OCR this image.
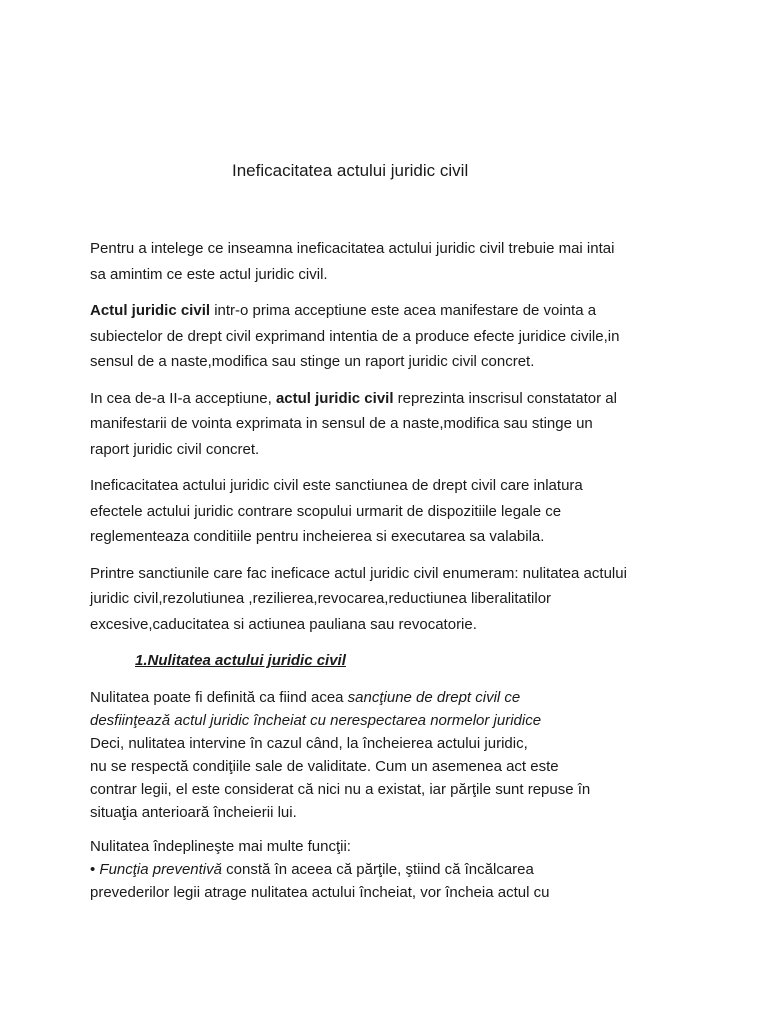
Ineficacitatea actului juridic civil

Pentru a intelege ce inseamna ineficacitatea actului juridic civil trebuie mai intai
sa amintim ce este actul juridic civil.

Actul juridic civil intr-o prima acceptiune este acea manifestare de vointa a
subiectelor de drept civil exprimand intentia de a produce efecte juridice civile,in
sensul de a naste,modifica sau stinge un raport juridic civil concret.

In cea de-a II-a acceptiune, actul juridic civil reprezinta inscrisul constatator al
manifestarii de vointa exprimata in sensul de a naste,modifica sau stinge un
raport juridic civil concret.

Ineficacitatea actului juridic civil este sanctiunea de drept civil care inlatura
efectele actului juridic contrare scopului urmarit de dispozitiile legale ce
reglementeaza conditiile pentru incheierea si executarea sa valabila.

Printre sanctiunile care fac ineficace actul juridic civil enumeram: nulitatea actului
juridic civil,rezolutiunea ,rezilierea,revocarea,reductiunea liberalitatilor
excesive,caducitatea si actiunea pauliana sau revocatorie.

1.Nulitatea actului juridic civil

Nulitatea poate fi definită ca fiind acea sancţiune de drept civil ce
desfiinţează actul juridic încheiat cu nerespectarea normelor juridice
Deci, nulitatea intervine în cazul când, la încheierea actului juridic,
nu se respectă condiţiile sale de validitate. Cum un asemenea act este
contrar legii, el este considerat că nici nu a existat, iar părţile sunt repuse în
situaţia anterioară încheierii lui.

Nulitatea îndeplineşte mai multe funcţii:
• Funcţia preventivă constă în aceea că părţile, ştiind că încălcarea
prevederilor legii atrage nulitatea actului încheiat, vor încheia actul cu
